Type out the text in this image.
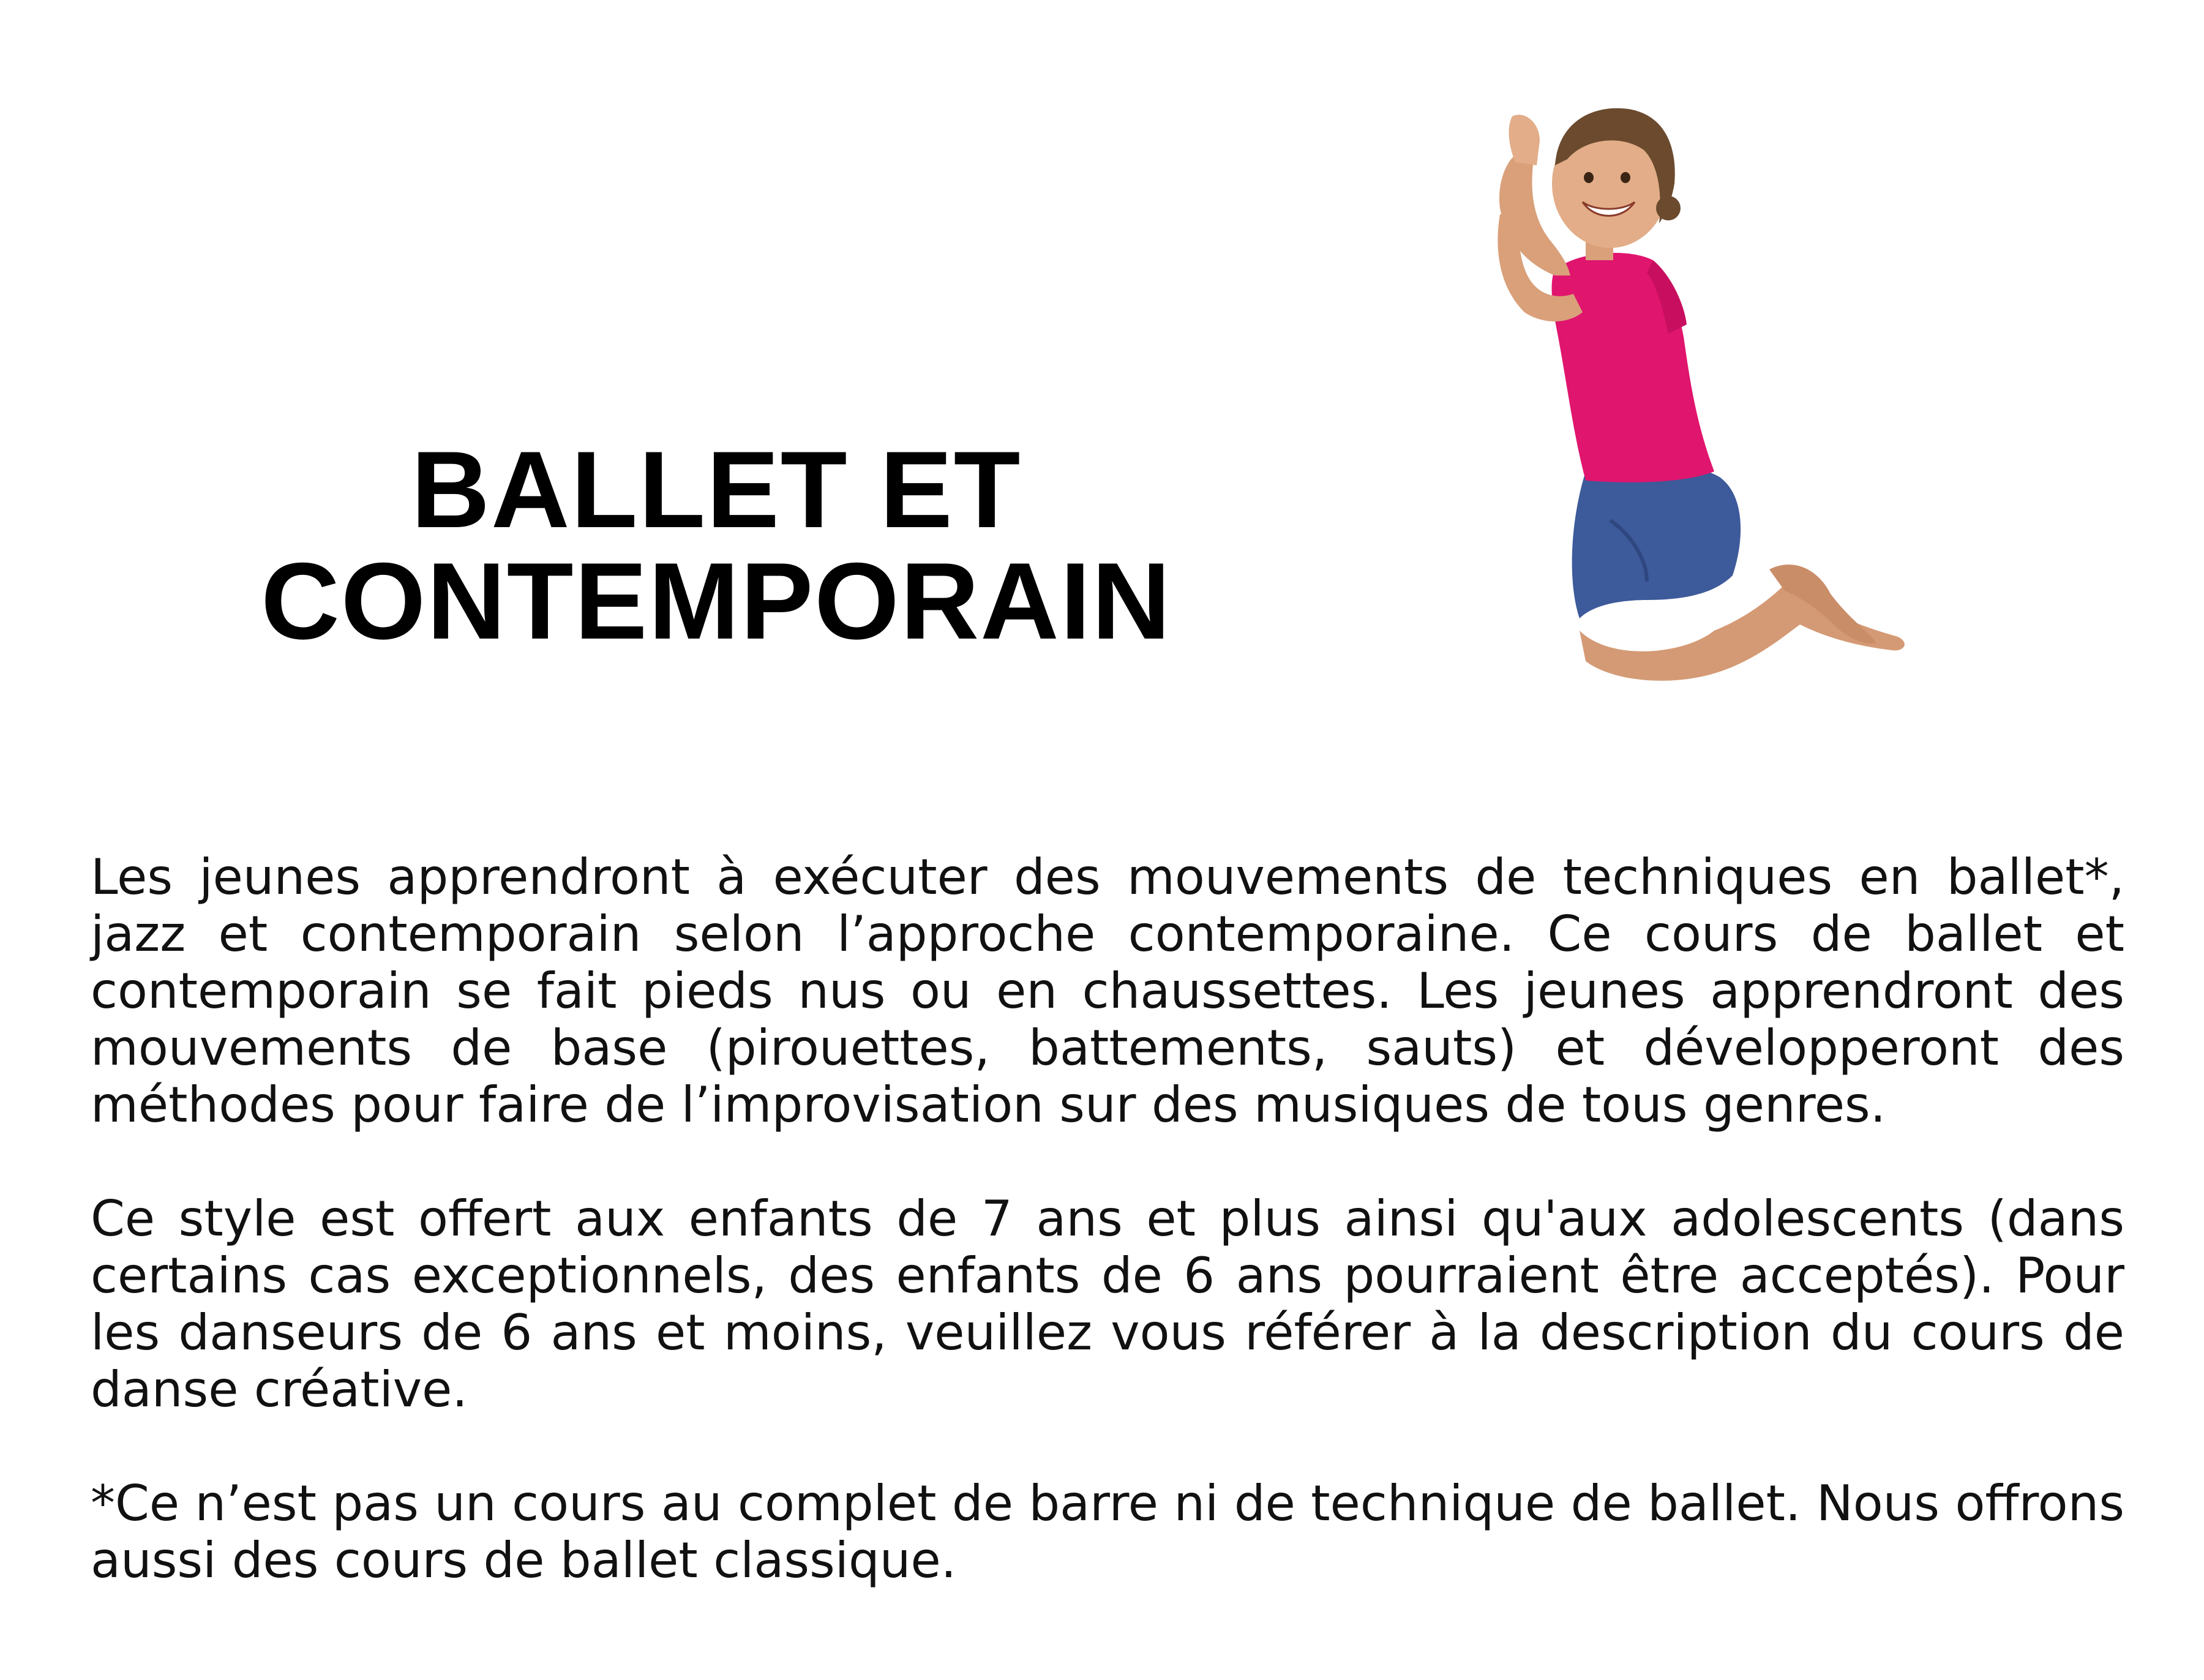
BALLET ET
CONTEMPORAIN

Les jeunes apprendront à exécuter des mouvements de techniques en ballet*, jazz et contemporain selon l’approche contemporaine. Ce cours de ballet et contemporain se fait pieds nus ou en chaussettes. Les jeunes apprendront des mouvements de base (pirouettes, battements, sauts) et développeront des méthodes pour faire de l’improvisation sur des musiques de tous genres.

Ce style est offert aux enfants de 7 ans et plus ainsi qu'aux adolescents (dans certains cas exceptionnels, des enfants de 6 ans pourraient être acceptés). Pour les danseurs de 6 ans et moins, veuillez vous référer à la description du cours de danse créative.

*Ce n’est pas un cours au complet de barre ni de technique de ballet. Nous offrons aussi des cours de ballet classique.
